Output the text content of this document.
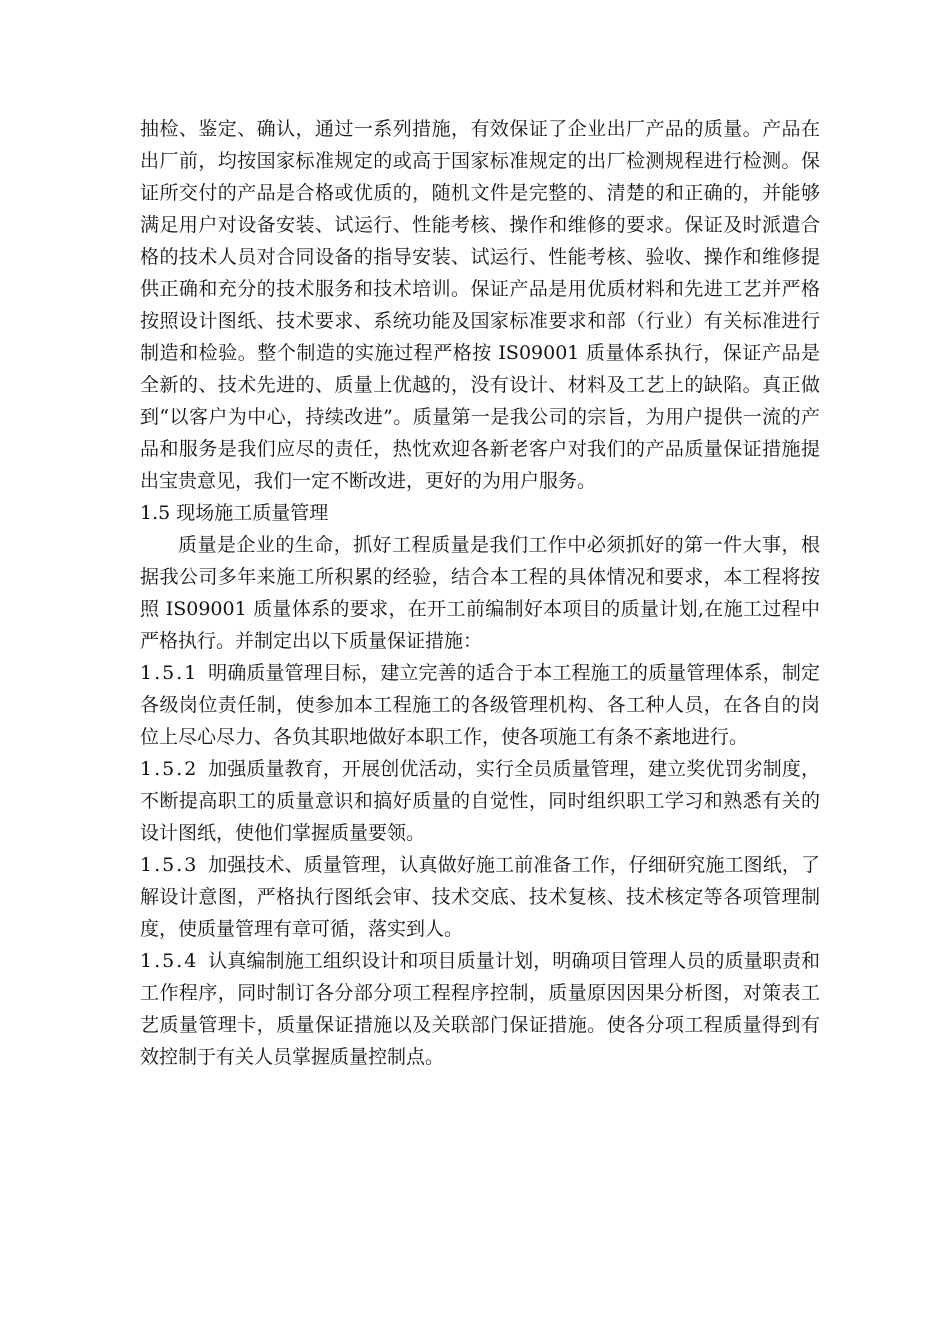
抽检、鉴定、确认，通过一系列措施，有效保证了企业出厂产品的质量。产品在出厂前，均按国家标准规定的或高于国家标准规定的出厂检测规程进行检测。保证所交付的产品是合格或优质的，随机文件是完整的、清楚的和正确的，并能够满足用户对设备安装、试运行、性能考核、操作和维修的要求。保证及时派遣合格的技术人员对合同设备的指导安装、试运行、性能考核、验收、操作和维修提供正确和充分的技术服务和技术培训。保证产品是用优质材料和先进工艺并严格按照设计图纸、技术要求、系统功能及国家标准要求和部（行业）有关标准进行制造和检验。整个制造的实施过程严格按 IS09001 质量体系执行，保证产品是全新的、技术先进的、质量上优越的，没有设计、材料及工艺上的缺陷。真正做到“以客户为中心，持续改进”。质量第一是我公司的宗旨，为用户提供一流的产品和服务是我们应尽的责任，热忱欢迎各新老客户对我们的产品质量保证措施提出宝贵意见，我们一定不断改进，更好的为用户服务。

1.5 现场施工质量管理

质量是企业的生命，抓好工程质量是我们工作中必须抓好的第一件大事，根据我公司多年来施工所积累的经验，结合本工程的具体情况和要求，本工程将按照 IS09001 质量体系的要求，在开工前编制好本项目的质量计划,在施工过程中严格执行。并制定出以下质量保证措施：

1.5.1 明确质量管理目标，建立完善的适合于本工程施工的质量管理体系，制定各级岗位责任制，使参加本工程施工的各级管理机构、各工种人员，在各自的岗位上尽心尽力、各负其职地做好本职工作，使各项施工有条不紊地进行。

1.5.2 加强质量教育，开展创优活动，实行全员质量管理，建立奖优罚劣制度，不断提高职工的质量意识和搞好质量的自觉性，同时组织职工学习和熟悉有关的设计图纸，使他们掌握质量要领。

1.5.3 加强技术、质量管理，认真做好施工前准备工作，仔细研究施工图纸，了解设计意图，严格执行图纸会审、技术交底、技术复核、技术核定等各项管理制度，使质量管理有章可循，落实到人。

1.5.4 认真编制施工组织设计和项目质量计划，明确项目管理人员的质量职责和工作程序，同时制订各分部分项工程程序控制，质量原因因果分析图，对策表工艺质量管理卡，质量保证措施以及关联部门保证措施。使各分项工程质量得到有效控制于有关人员掌握质量控制点。
